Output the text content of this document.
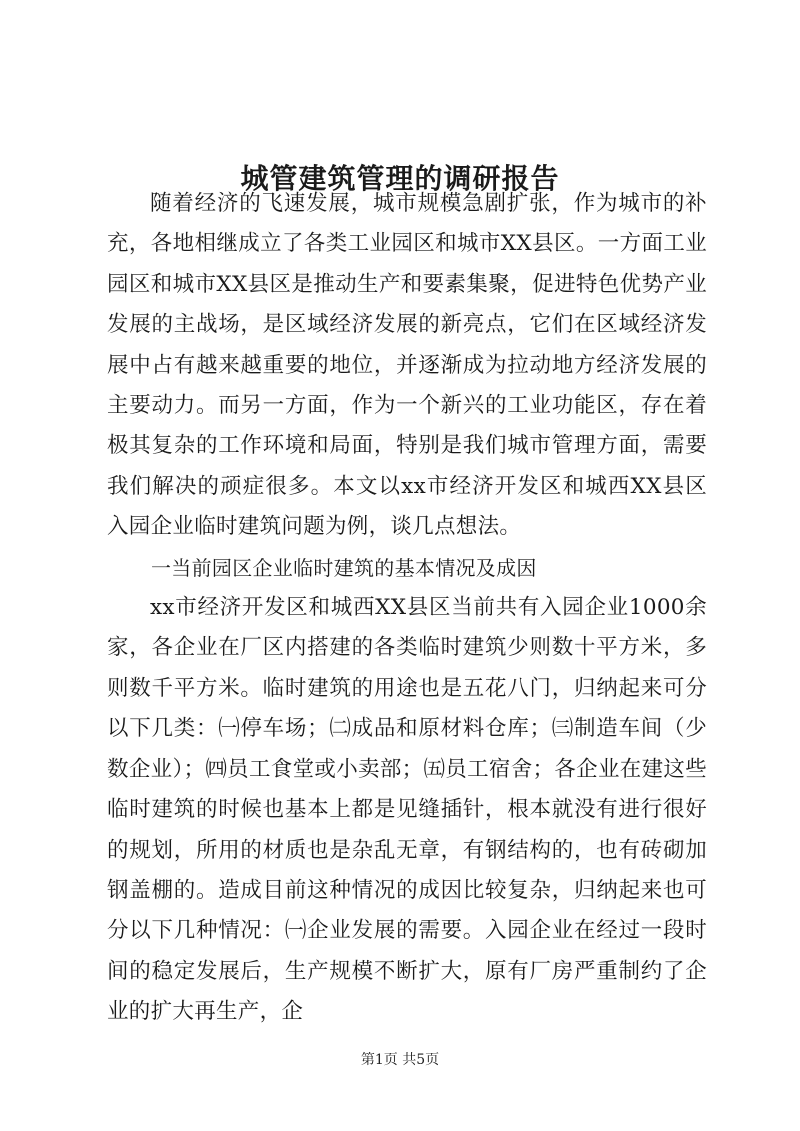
城管建筑管理的调研报告

随着经济的飞速发展，城市规模急剧扩张，作为城市的补充，各地相继成立了各类工业园区和城市XX县区。一方面工业园区和城市XX县区是推动生产和要素集聚，促进特色优势产业发展的主战场，是区域经济发展的新亮点，它们在区域经济发展中占有越来越重要的地位，并逐渐成为拉动地方经济发展的主要动力。而另一方面，作为一个新兴的工业功能区，存在着极其复杂的工作环境和局面，特别是我们城市管理方面，需要我们解决的顽症很多。本文以xx市经济开发区和城西XX县区入园企业临时建筑问题为例，谈几点想法。

一当前园区企业临时建筑的基本情况及成因

xx市经济开发区和城西XX县区当前共有入园企业1000余家，各企业在厂区内搭建的各类临时建筑少则数十平方米，多则数千平方米。临时建筑的用途也是五花八门，归纳起来可分以下几类：㈠停车场；㈡成品和原材料仓库；㈢制造车间（少数企业）；㈣员工食堂或小卖部；㈤员工宿舍；各企业在建这些临时建筑的时候也基本上都是见缝插针，根本就没有进行很好的规划，所用的材质也是杂乱无章，有钢结构的，也有砖砌加钢盖棚的。造成目前这种情况的成因比较复杂，归纳起来也可分以下几种情况：㈠企业发展的需要。入园企业在经过一段时间的稳定发展后，生产规模不断扩大，原有厂房严重制约了企业的扩大再生产，企

第1页 共5页
